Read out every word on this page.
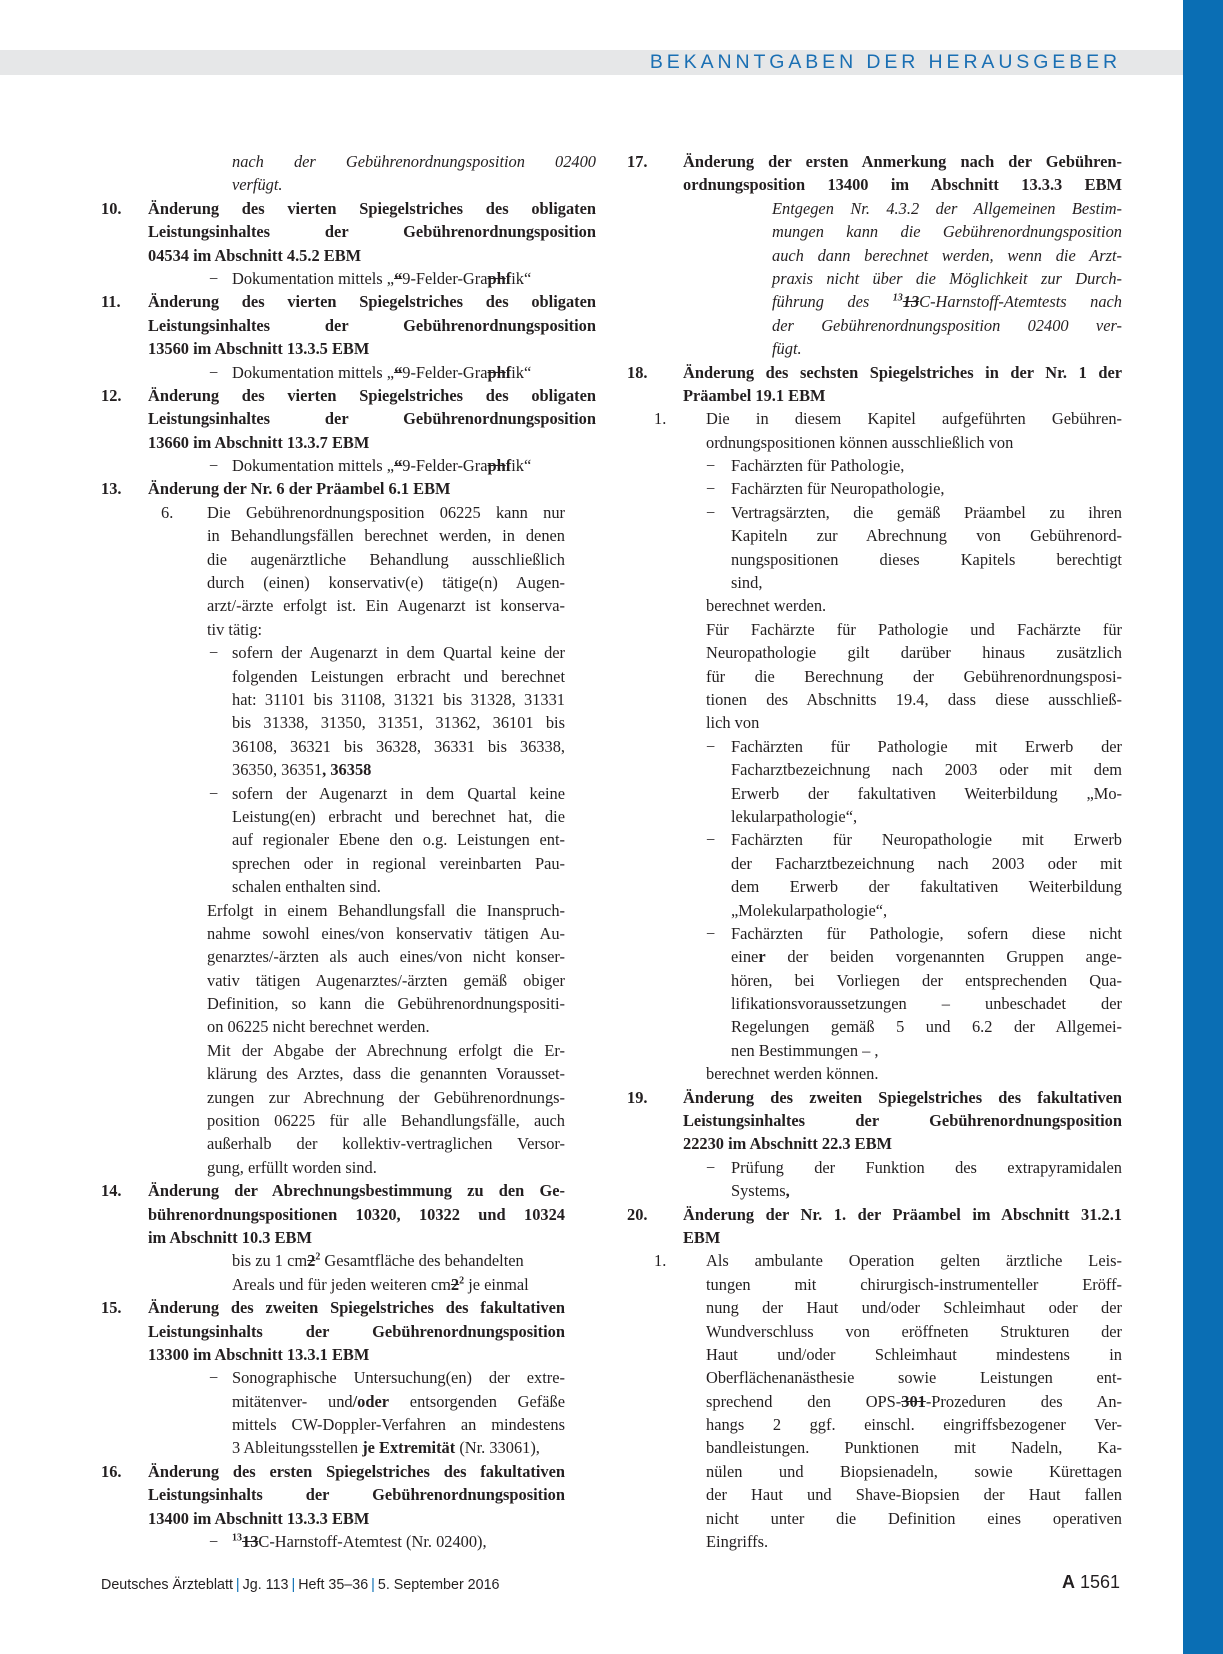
BEKANNTGABEN DER HERAUSGEBER
nach der Gebührenordnungsposition 02400
verfügt.
10. Änderung des vierten Spiegelstriches des obligaten
Leistungsinhaltes der Gebührenordnungsposition
04534 im Abschnitt 4.5.2 EBM
− Dokumentation mittels „“9-Felder-Graphfik“
11. Änderung des vierten Spiegelstriches des obligaten
Leistungsinhaltes der Gebührenordnungsposition
13560 im Abschnitt 13.3.5 EBM
− Dokumentation mittels „“9-Felder-Graphfik“
12. Änderung des vierten Spiegelstriches des obligaten
Leistungsinhaltes der Gebührenordnungsposition
13660 im Abschnitt 13.3.7 EBM
− Dokumentation mittels „“9-Felder-Graphfik“
13. Änderung der Nr. 6 der Präambel 6.1 EBM
6. Die Gebührenordnungsposition 06225 kann nur
in Behandlungsfällen berechnet werden, in denen
die augenärztliche Behandlung ausschließlich
durch (einen) konservativ(e) tätige(n) Augen-
arzt/-ärzte erfolgt ist. Ein Augenarzt ist konserva-
tiv tätig:
− sofern der Augenarzt in dem Quartal keine der
folgenden Leistungen erbracht und berechnet
hat: 31101 bis 31108, 31321 bis 31328, 31331
bis 31338, 31350, 31351, 31362, 36101 bis
36108, 36321 bis 36328, 36331 bis 36338,
36350, 36351, 36358
− sofern der Augenarzt in dem Quartal keine
Leistung(en) erbracht und berechnet hat, die
auf regionaler Ebene den o.g. Leistungen ent-
sprechen oder in regional vereinbarten Pau-
schalen enthalten sind.
Erfolgt in einem Behandlungsfall die Inanspruch-
nahme sowohl eines/von konservativ tätigen Au-
genarztes/-ärzten als auch eines/von nicht konser-
vativ tätigen Augenarztes/-ärzten gemäß obiger
Definition, so kann die Gebührenordnungspositi-
on 06225 nicht berechnet werden.
Mit der Abgabe der Abrechnung erfolgt die Er-
klärung des Arztes, dass die genannten Vorausset-
zungen zur Abrechnung der Gebührenordnungs-
position 06225 für alle Behandlungsfälle, auch
außerhalb der kollektiv-vertraglichen Versor-
gung, erfüllt worden sind.
14. Änderung der Abrechnungsbestimmung zu den Ge-
bührenordnungspositionen 10320, 10322 und 10324
im Abschnitt 10.3 EBM
bis zu 1 $cm2^2$ Gesamtfläche des behandelten
Areals und für jeden weiteren $cm2^2$ je einmal
15. Änderung des zweiten Spiegelstriches des fakultativen
Leistungsinhalts der Gebührenordnungsposition
13300 im Abschnitt 13.3.1 EBM
− Sonographische Untersuchung(en) der extre-
mitätenver- und/oder entsorgenden Gefäße
mittels CW-Doppler-Verfahren an mindestens
3 Ableitungsstellen je Extremität (Nr. 33061),
16. Änderung des ersten Spiegelstriches des fakultativen
Leistungsinhalts der Gebührenordnungsposition
13400 im Abschnitt 13.3.3 EBM
− $^{13}$13C-Harnstoff-Atemtest (Nr. 02400),
17. Änderung der ersten Anmerkung nach der Gebühren-
ordnungsposition 13400 im Abschnitt 13.3.3 EBM
Entgegen Nr. 4.3.2 der Allgemeinen Bestim-
mungen kann die Gebührenordnungsposition
auch dann berechnet werden, wenn die Arzt-
praxis nicht über die Möglichkeit zur Durch-
führung des $^{13}$13C-Harnstoff-Atemtests nach
der Gebührenordnungsposition 02400 ver-
fügt.
18. Änderung des sechsten Spiegelstriches in der Nr. 1 der
Präambel 19.1 EBM
1. Die in diesem Kapitel aufgeführten Gebühren-
ordnungspositionen können ausschließlich von
− Fachärzten für Pathologie,
− Fachärzten für Neuropathologie,
− Vertragsärzten, die gemäß Präambel zu ihren
Kapiteln zur Abrechnung von Gebührenord-
nungspositionen dieses Kapitels berechtigt
sind,
berechnet werden.
Für Fachärzte für Pathologie und Fachärzte für
Neuropathologie gilt darüber hinaus zusätzlich
für die Berechnung der Gebührenordnungsposi-
tionen des Abschnitts 19.4, dass diese ausschließ-
lich von
− Fachärzten für Pathologie mit Erwerb der
Facharztbezeichnung nach 2003 oder mit dem
Erwerb der fakultativen Weiterbildung „Mo-
lekularpathologie“,
− Fachärzten für Neuropathologie mit Erwerb
der Facharztbezeichnung nach 2003 oder mit
dem Erwerb der fakultativen Weiterbildung
„Molekularpathologie“,
− Fachärzten für Pathologie, sofern diese nicht
einer der beiden vorgenannten Gruppen ange-
hören, bei Vorliegen der entsprechenden Qua-
lifikationsvoraussetzungen – unbeschadet der
Regelungen gemäß 5 und 6.2 der Allgemei-
nen Bestimmungen – ,
berechnet werden können.
19. Änderung des zweiten Spiegelstriches des fakultativen
Leistungsinhaltes der Gebührenordnungsposition
22230 im Abschnitt 22.3 EBM
− Prüfung der Funktion des extrapyramidalen
Systems,
20. Änderung der Nr. 1. der Präambel im Abschnitt 31.2.1
EBM
1. Als ambulante Operation gelten ärztliche Leis-
tungen mit chirurgisch-instrumenteller Eröff-
nung der Haut und/oder Schleimhaut oder der
Wundverschluss von eröffneten Strukturen der
Haut und/oder Schleimhaut mindestens in
Oberflächenanästhesie sowie Leistungen ent-
sprechend den OPS-301-Prozeduren des An-
hangs 2 ggf. einschl. eingriffsbezogener Ver-
bandleistungen. Punktionen mit Nadeln, Ka-
nülen und Biopsienadeln, sowie Kürettagen
der Haut und Shave-Biopsien der Haut fallen
nicht unter die Definition eines operativen
Eingriffs.
Deutsches Ärzteblatt | Jg. 113 | Heft 35–36 | 5. September 2016	A 1561
